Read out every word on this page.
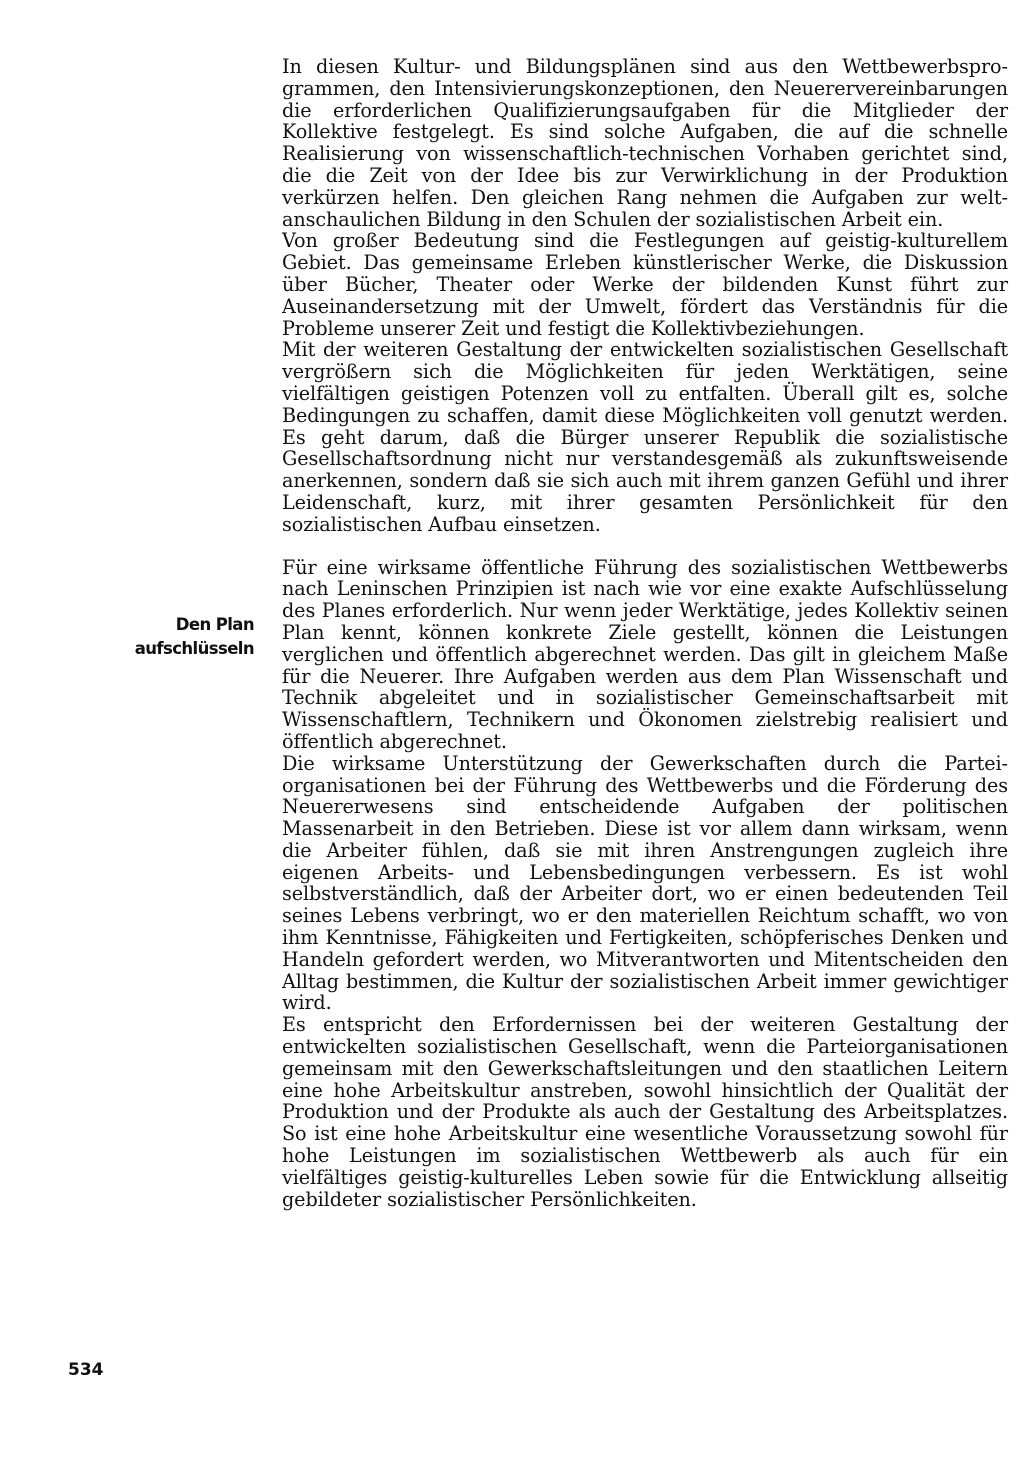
In diesen Kultur- und Bildungsplänen sind aus den Wettbewerbsprogrammen, den Intensivierungskonzeptionen, den Neuerervereinbarungen die erforderlichen Qualifizierungsaufgaben für die Mitglieder der Kollektive festgelegt. Es sind solche Aufgaben, die auf die schnelle Realisierung von wissenschaftlich-technischen Vorhaben gerichtet sind, die die Zeit von der Idee bis zur Verwirklichung in der Produktion verkürzen helfen. Den gleichen Rang nehmen die Aufgaben zur weltanschaulichen Bildung in den Schulen der sozialistischen Arbeit ein.

Von großer Bedeutung sind die Festlegungen auf geistig-kulturellem Gebiet. Das gemeinsame Erleben künstlerischer Werke, die Diskussion über Bücher, Theater oder Werke der bildenden Kunst führt zur Auseinandersetzung mit der Umwelt, fördert das Verständnis für die Probleme unserer Zeit und festigt die Kollektivbeziehungen.

Mit der weiteren Gestaltung der entwickelten sozialistischen Gesellschaft vergrößern sich die Möglichkeiten für jeden Werktätigen, seine vielfältigen geistigen Potenzen voll zu entfalten. Überall gilt es, solche Bedingungen zu schaffen, damit diese Möglichkeiten voll genutzt werden. Es geht darum, daß die Bürger unserer Republik die sozialistische Gesellschaftsordnung nicht nur verstandesgemäß als zukunftsweisende anerkennen, sondern daß sie sich auch mit ihrem ganzen Gefühl und ihrer Leidenschaft, kurz, mit ihrer gesamten Persönlichkeit für den sozialistischen Aufbau einsetzen.

Für eine wirksame öffentliche Führung des sozialistischen Wettbewerbs nach Leninschen Prinzipien ist nach wie vor eine exakte Aufschlüsselung des Planes erforderlich. Nur wenn jeder Werktätige, jedes Kollektiv seinen Plan kennt, können konkrete Ziele gestellt, können die Leistungen verglichen und öffentlich abgerechnet werden. Das gilt in gleichem Maße für die Neuerer. Ihre Aufgaben werden aus dem Plan Wissenschaft und Technik abgeleitet und in sozialistischer Gemeinschaftsarbeit mit Wissenschaftlern, Technikern und Ökonomen zielstrebig realisiert und öffentlich abgerechnet.

Die wirksame Unterstützung der Gewerkschaften durch die Parteiorganisationen bei der Führung des Wettbewerbs und die Förderung des Neuererwesens sind entscheidende Aufgaben der politischen Massenarbeit in den Betrieben. Diese ist vor allem dann wirksam, wenn die Arbeiter fühlen, daß sie mit ihren Anstrengungen zugleich ihre eigenen Arbeits- und Lebensbedingungen verbessern. Es ist wohl selbstverständlich, daß der Arbeiter dort, wo er einen bedeutenden Teil seines Lebens verbringt, wo er den materiellen Reichtum schafft, wo von ihm Kenntnisse, Fähigkeiten und Fertigkeiten, schöpferisches Denken und Handeln gefordert werden, wo Mitverantworten und Mitentscheiden den Alltag bestimmen, die Kultur der sozialistischen Arbeit immer gewichtiger wird.

Es entspricht den Erfordernissen bei der weiteren Gestaltung der entwickelten sozialistischen Gesellschaft, wenn die Parteiorganisationen gemeinsam mit den Gewerkschaftsleitungen und den staatlichen Leitern eine hohe Arbeitskultur anstreben, sowohl hinsichtlich der Qualität der Produktion und der Produkte als auch der Gestaltung des Arbeitsplatzes. So ist eine hohe Arbeitskultur eine wesentliche Voraussetzung sowohl für hohe Leistungen im sozialistischen Wettbewerb als auch für ein vielfältiges geistig-kulturelles Leben sowie für die Entwicklung allseitig gebildeter sozialistischer Persönlichkeiten.

Den Plan
aufschlüsseln
534
